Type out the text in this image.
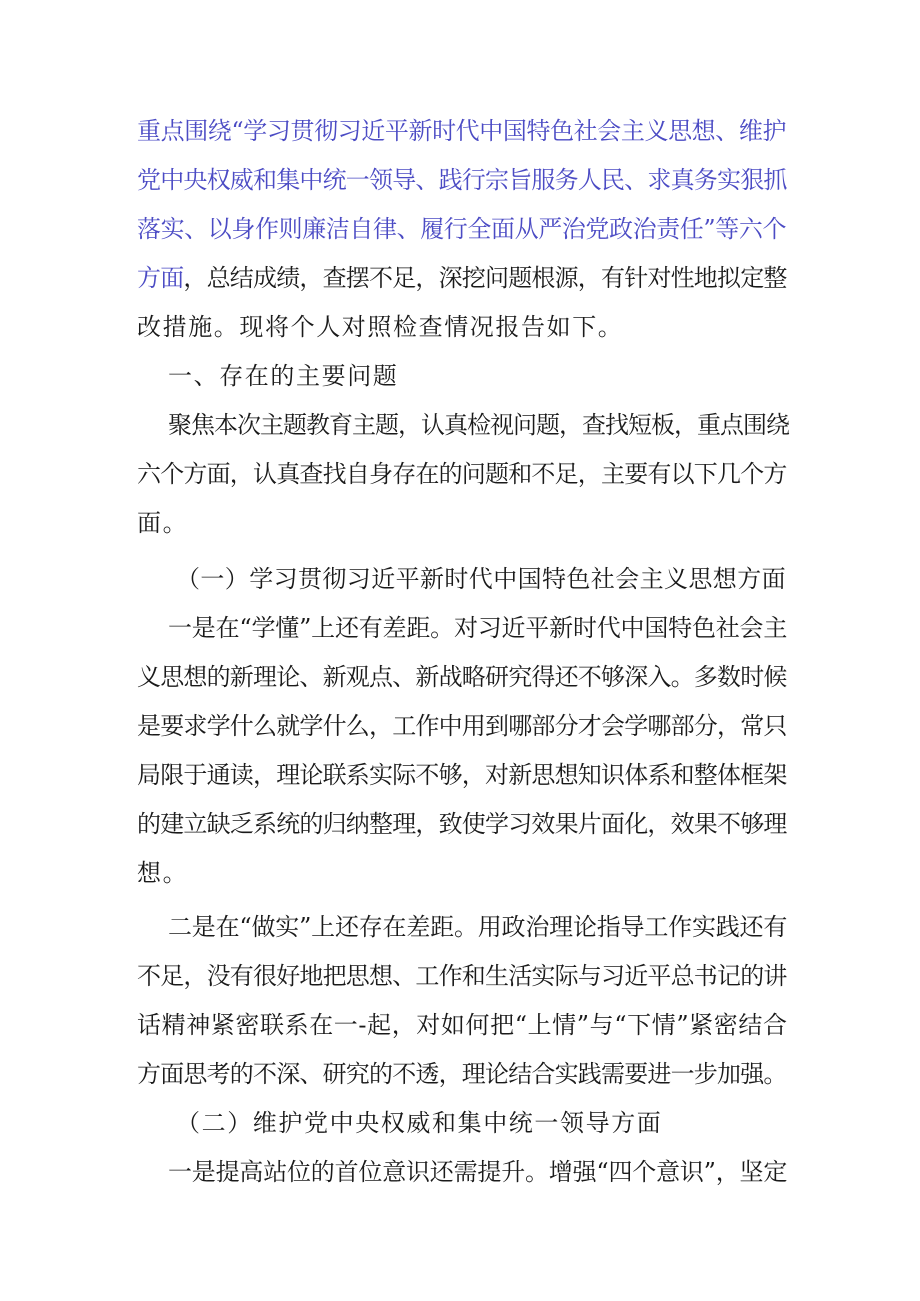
重点围绕“学习贯彻习近平新时代中国特色社会主义思想、维护
党中央权威和集中统一领导、践行宗旨服务人民、求真务实狠抓
落实、以身作则廉洁自律、履行全面从严治党政治责任”等六个
方面，总结成绩，查摆不足，深挖问题根源，有针对性地拟定整
改措施。现将个人对照检查情况报告如下。
一、存在的主要问题
聚焦本次主题教育主题，认真检视问题，查找短板，重点围绕
六个方面，认真查找自身存在的问题和不足，主要有以下几个方
面。
（一）学习贯彻习近平新时代中国特色社会主义思想方面
一是在“学懂”上还有差距。对习近平新时代中国特色社会主
义思想的新理论、新观点、新战略研究得还不够深入。多数时候
是要求学什么就学什么，工作中用到哪部分才会学哪部分，常只
局限于通读，理论联系实际不够，对新思想知识体系和整体框架
的建立缺乏系统的归纳整理，致使学习效果片面化，效果不够理
想。
二是在“做实”上还存在差距。用政治理论指导工作实践还有
不足，没有很好地把思想、工作和生活实际与习近平总书记的讲
话精神紧密联系在一-起，对如何把“上情”与“下情”紧密结合
方面思考的不深、研究的不透，理论结合实践需要进一步加强。
（二）维护党中央权威和集中统一领导方面
一是提高站位的首位意识还需提升。增强“四个意识”，坚定
